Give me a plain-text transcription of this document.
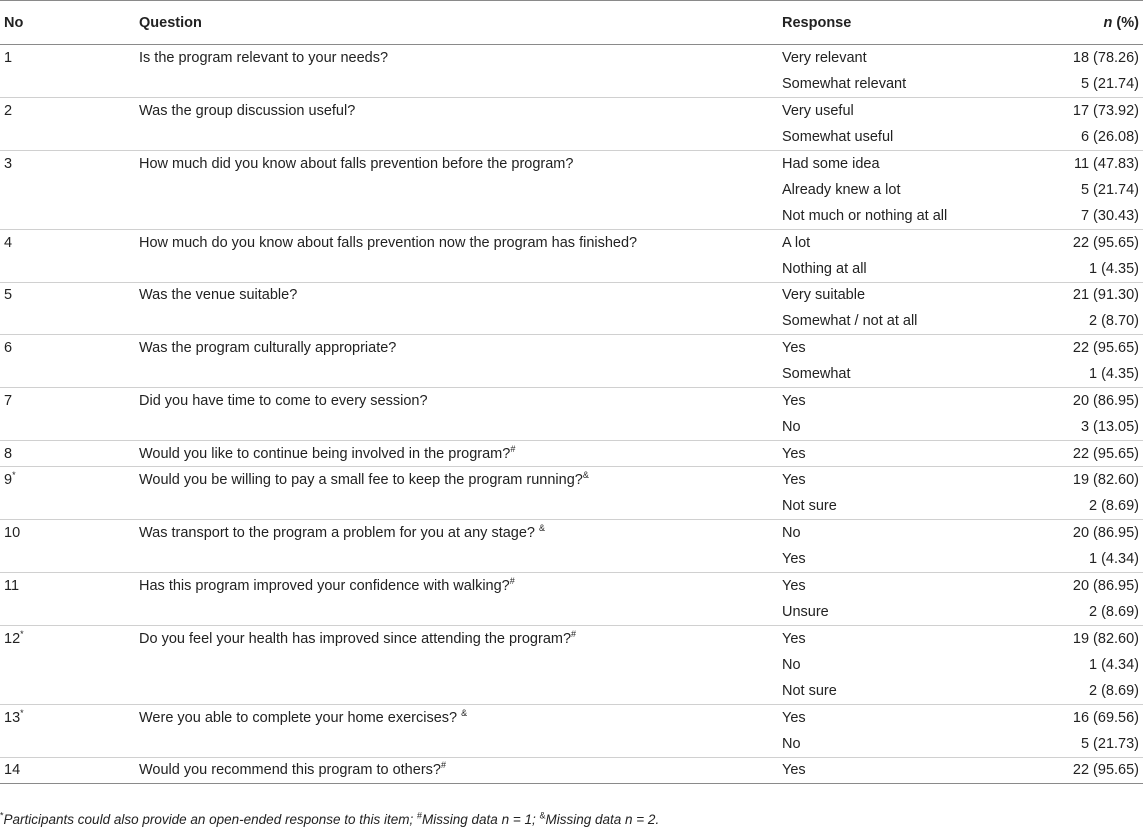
No	Question	Response	n (%)
1	Is the program relevant to your needs?	Very relevant	18 (78.26)
		Somewhat relevant	5 (21.74)
2	Was the group discussion useful?	Very useful	17 (73.92)
		Somewhat useful	6 (26.08)
3	How much did you know about falls prevention before the program?	Had some idea	11 (47.83)
		Already knew a lot	5 (21.74)
		Not much or nothing at all	7 (30.43)
4	How much do you know about falls prevention now the program has finished?	A lot	22 (95.65)
		Nothing at all	1 (4.35)
5	Was the venue suitable?	Very suitable	21 (91.30)
		Somewhat / not at all	2 (8.70)
6	Was the program culturally appropriate?	Yes	22 (95.65)
		Somewhat	1 (4.35)
7	Did you have time to come to every session?	Yes	20 (86.95)
		No	3 (13.05)
8	Would you like to continue being involved in the program?#	Yes	22 (95.65)
9*	Would you be willing to pay a small fee to keep the program running?&	Yes	19 (82.60)
		Not sure	2 (8.69)
10	Was transport to the program a problem for you at any stage? &	No	20 (86.95)
		Yes	1 (4.34)
11	Has this program improved your confidence with walking?#	Yes	20 (86.95)
		Unsure	2 (8.69)
12*	Do you feel your health has improved since attending the program?#	Yes	19 (82.60)
		No	1 (4.34)
		Not sure	2 (8.69)
13*	Were you able to complete your home exercises? &	Yes	16 (69.56)
		No	5 (21.73)
14	Would you recommend this program to others?#	Yes	22 (95.65)
*Participants could also provide an open-ended response to this item; #Missing data n = 1; &Missing data n = 2.
